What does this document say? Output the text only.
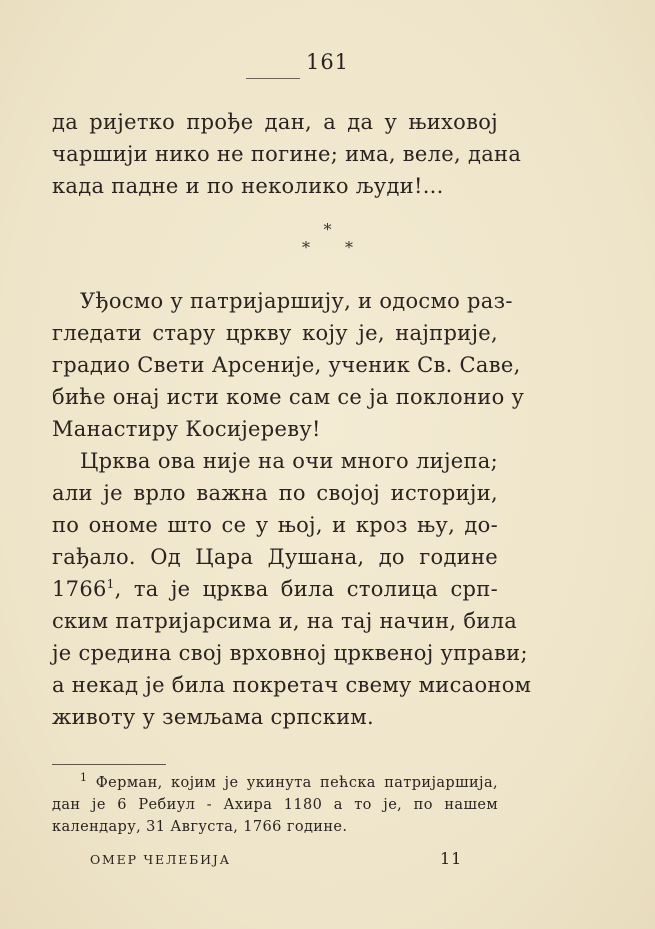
161
да ријетко прође дан, а да у њиховој
чаршији нико не погине; има, веле, дана
када падне и по неколико људи!...
*
* *
Уђосмо у патријаршију, и одосмо раз-
гледати стару цркву коју је, најприје,
градио Свети Арсеније, ученик Св. Саве,
биће онај исти коме сам се ја поклонио у
Манастиру Косијереву!
Црква ова није на очи много лијепа;
али је врло важна по својој историји,
по ономе што се у њој, и кроз њу, до-
гађало. Од Цара Душана, до године
1766$^1$, та је црква била столица срп-
ским патријарсима и, на тај начин, била
је средина свој врховној црквеној управи;
а некад је била покретач свему мисаоном
животу у земљама српским.
$^1$ Ферман, којим је укинута пећска патријаршија,
дан је 6 Ребиул - Ахира 1180 а то је, по нашем
календару, 31 Августа, 1766 године.
ОМЕР ЧЕЛЕБИЈА	11
